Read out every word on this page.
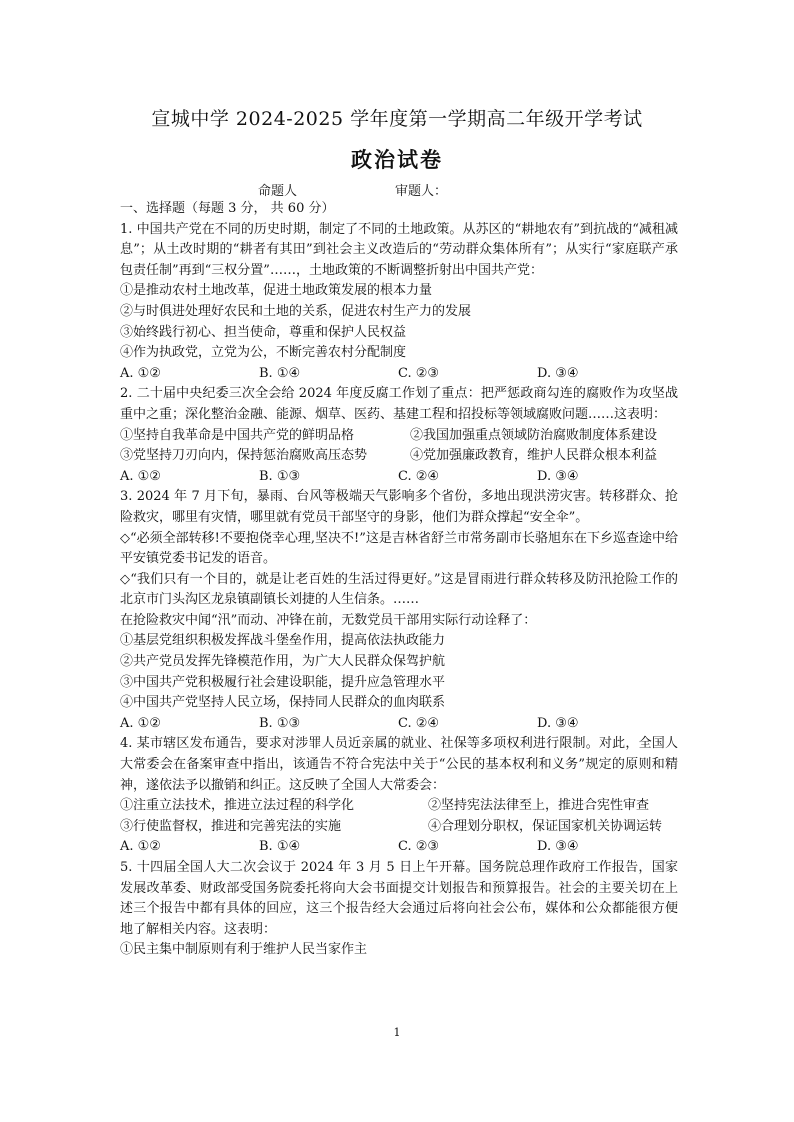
宣城中学 2024-2025 学年度第一学期高二年级开学考试
政治试卷
命题人	审题人：
一、选择题（每题 3 分， 共 60 分）
1. 中国共产党在不同的历史时期，制定了不同的土地政策。从苏区的“耕地农有”到抗战的“减租减息”；从土改时期的“耕者有其田”到社会主义改造后的“劳动群众集体所有”；从实行“家庭联产承包责任制”再到“三权分置”……，土地政策的不断调整折射出中国共产党：
①是推动农村土地改革，促进土地政策发展的根本力量
②与时俱进处理好农民和土地的关系，促进农村生产力的发展
③始终践行初心、担当使命，尊重和保护人民权益
④作为执政党，立党为公，不断完善农村分配制度
A. ①②	B. ①④	C. ②③	D. ③④
2. 二十届中央纪委三次全会给 2024 年度反腐工作划了重点：把严惩政商勾连的腐败作为攻坚战重中之重；深化整治金融、能源、烟草、医药、基建工程和招投标等领域腐败问题……这表明：
①坚持自我革命是中国共产党的鲜明品格	②我国加强重点领域防治腐败制度体系建设
③党坚持刀刃向内，保持惩治腐败高压态势	④党加强廉政教育，维护人民群众根本利益
A. ①②	B. ①③	C. ②④	D. ③④
3. 2024 年 7 月下旬，暴雨、台风等极端天气影响多个省份，多地出现洪涝灾害。转移群众、抢险救灾，哪里有灾情，哪里就有党员干部坚守的身影，他们为群众撑起“安全伞”。
◇“必须全部转移!不要抱侥幸心理,坚决不!”这是吉林省舒兰市常务副市长骆旭东在下乡巡查途中给平安镇党委书记发的语音。
◇“我们只有一个目的，就是让老百姓的生活过得更好。”这是冒雨进行群众转移及防汛抢险工作的北京市门头沟区龙泉镇副镇长刘捷的人生信条。……
在抢险救灾中闻“汛”而动、冲锋在前，无数党员干部用实际行动诠释了：
①基层党组织积极发挥战斗堡垒作用，提高依法执政能力
②共产党员发挥先锋模范作用，为广大人民群众保驾护航
③中国共产党积极履行社会建设职能，提升应急管理水平
④中国共产党坚持人民立场，保持同人民群众的血肉联系
A. ①②	B. ①③	C. ②④	D. ③④
4. 某市辖区发布通告，要求对涉罪人员近亲属的就业、社保等多项权利进行限制。对此，全国人大常委会在备案审查中指出，该通告不符合宪法中关于“公民的基本权利和义务”规定的原则和精神，遂依法予以撤销和纠正。这反映了全国人大常委会：
①注重立法技术，推进立法过程的科学化	②坚持宪法法律至上，推进合宪性审查
③行使监督权，推进和完善宪法的实施	④合理划分职权，保证国家机关协调运转
A. ①②	B. ①④	C. ②③	D. ③④
5. 十四届全国人大二次会议于 2024 年 3 月 5 日上午开幕。国务院总理作政府工作报告，国家发展改革委、财政部受国务院委托将向大会书面提交计划报告和预算报告。社会的主要关切在上述三个报告中都有具体的回应，这三个报告经大会通过后将向社会公布，媒体和公众都能很方便地了解相关内容。这表明：
①民主集中制原则有利于维护人民当家作主
1
